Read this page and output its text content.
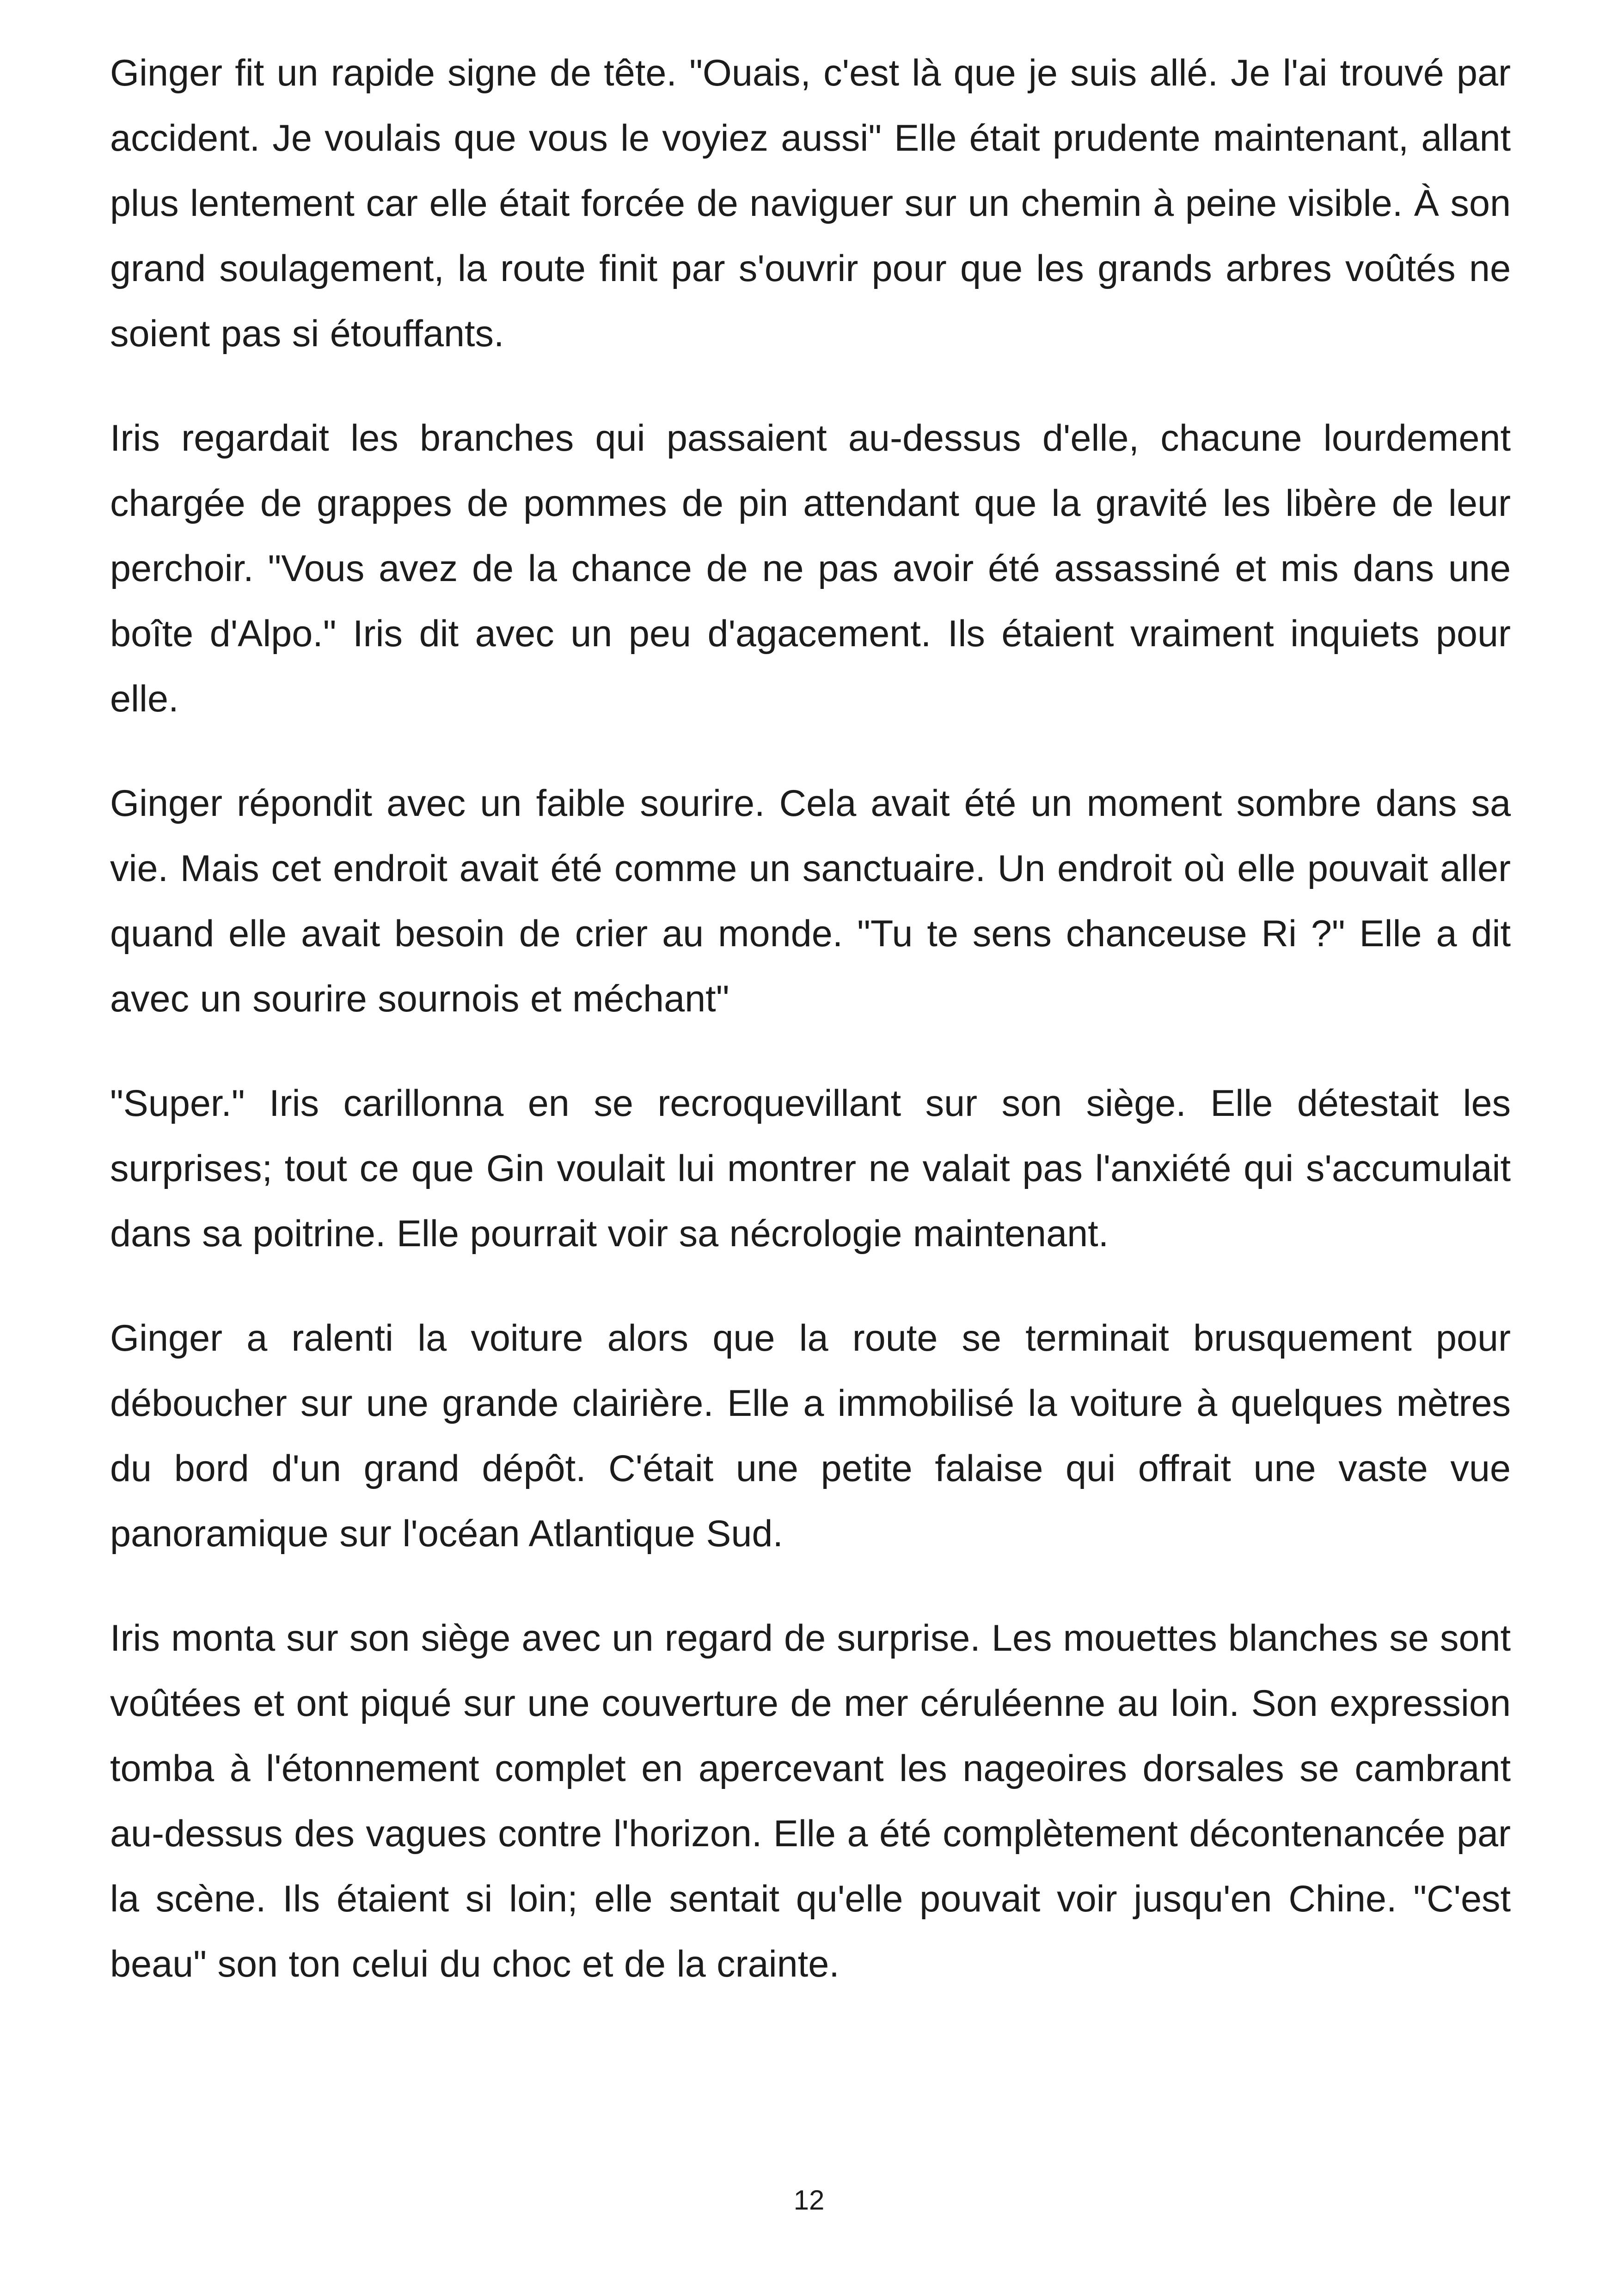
Ginger fit un rapide signe de tête. "Ouais, c'est là que je suis allé. Je l'ai trouvé par accident. Je voulais que vous le voyiez aussi" Elle était prudente maintenant, allant plus lentement car elle était forcée de naviguer sur un chemin à peine visible. À son grand soulagement, la route finit par s'ouvrir pour que les grands arbres voûtés ne soient pas si étouffants.

Iris regardait les branches qui passaient au-dessus d'elle, chacune lourdement chargée de grappes de pommes de pin attendant que la gravité les libère de leur perchoir. "Vous avez de la chance de ne pas avoir été assassiné et mis dans une boîte d'Alpo." Iris dit avec un peu d'agacement. Ils étaient vraiment inquiets pour elle.

Ginger répondit avec un faible sourire. Cela avait été un moment sombre dans sa vie. Mais cet endroit avait été comme un sanctuaire. Un endroit où elle pouvait aller quand elle avait besoin de crier au monde. "Tu te sens chanceuse Ri ?" Elle a dit avec un sourire sournois et méchant"

"Super." Iris carillonna en se recroquevillant sur son siège. Elle détestait les surprises; tout ce que Gin voulait lui montrer ne valait pas l'anxiété qui s'accumulait dans sa poitrine. Elle pourrait voir sa nécrologie maintenant.

Ginger a ralenti la voiture alors que la route se terminait brusquement pour déboucher sur une grande clairière. Elle a immobilisé la voiture à quelques mètres du bord d'un grand dépôt. C'était une petite falaise qui offrait une vaste vue panoramique sur l'océan Atlantique Sud.

Iris monta sur son siège avec un regard de surprise. Les mouettes blanches se sont voûtées et ont piqué sur une couverture de mer céruléenne au loin. Son expression tomba à l'étonnement complet en apercevant les nageoires dorsales se cambrant au-dessus des vagues contre l'horizon. Elle a été complètement décontenancée par la scène. Ils étaient si loin; elle sentait qu'elle pouvait voir jusqu'en Chine. "C'est beau" son ton celui du choc et de la crainte.

12
